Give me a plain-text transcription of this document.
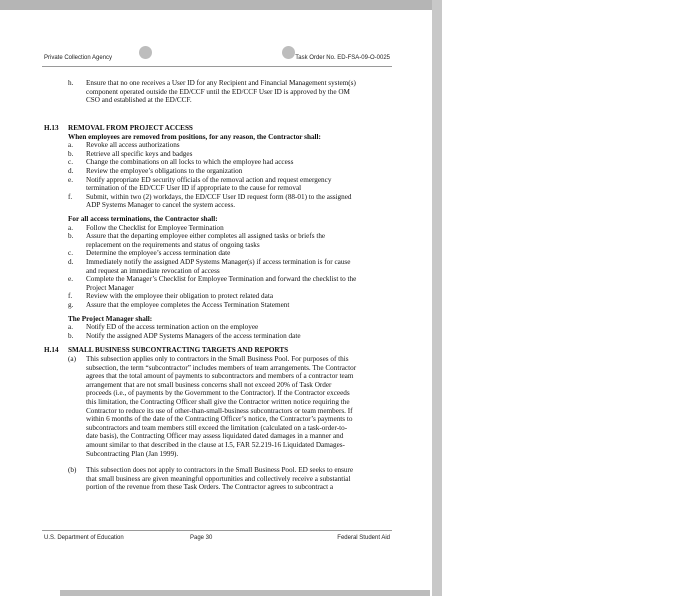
Private Collection Agency	Task Order No. ED-FSA-09-O-0025
h. Ensure that no one receives a User ID for any Recipient and Financial Management system(s)
component operated outside the ED/CCF until the ED/CCF User ID is approved by the OM
CSO and established at the ED/CCF.
H.13 REMOVAL FROM PROJECT ACCESS
When employees are removed from positions, for any reason, the Contractor shall:
a. Revoke all access authorizations
b. Retrieve all specific keys and badges
c. Change the combinations on all locks to which the employee had access
d. Review the employee’s obligations to the organization
e. Notify appropriate ED security officials of the removal action and request emergency
termination of the ED/CCF User ID if appropriate to the cause for removal
f. Submit, within two (2) workdays, the ED/CCF User ID request form (88-01) to the assigned
ADP Systems Manager to cancel the system access.
For all access terminations, the Contractor shall:
a. Follow the Checklist for Employee Termination
b. Assure that the departing employee either completes all assigned tasks or briefs the
replacement on the requirements and status of ongoing tasks
c. Determine the employee’s access termination date
d. Immediately notify the assigned ADP Systems Manager(s) if access termination is for cause
and request an immediate revocation of access
e. Complete the Manager’s Checklist for Employee Termination and forward the checklist to the
Project Manager
f. Review with the employee their obligation to protect related data
g. Assure that the employee completes the Access Termination Statement
The Project Manager shall:
a. Notify ED of the access termination action on the employee
b. Notify the assigned ADP Systems Managers of the access termination date
H.14 SMALL BUSINESS SUBCONTRACTING TARGETS AND REPORTS
(a) This subsection applies only to contractors in the Small Business Pool. For purposes of this
subsection, the term “subcontractor” includes members of team arrangements. The Contractor
agrees that the total amount of payments to subcontractors and members of a contractor team
arrangement that are not small business concerns shall not exceed 20% of Task Order
proceeds (i.e., of payments by the Government to the Contractor). If the Contractor exceeds
this limitation, the Contracting Officer shall give the Contractor written notice requiring the
Contractor to reduce its use of other-than-small-business subcontractors or team members. If
within 6 months of the date of the Contracting Officer’s notice, the Contractor’s payments to
subcontractors and team members still exceed the limitation (calculated on a task-order-to-
date basis), the Contracting Officer may assess liquidated dated damages in a manner and
amount similar to that described in the clause at I.5, FAR 52.219-16 Liquidated Damages-
Subcontracting Plan (Jan 1999).
(b) This subsection does not apply to contractors in the Small Business Pool. ED seeks to ensure
that small business are given meaningful opportunities and collectively receive a substantial
portion of the revenue from these Task Orders. The Contractor agrees to subcontract a
U.S. Department of Education	Page 30	Federal Student Aid
